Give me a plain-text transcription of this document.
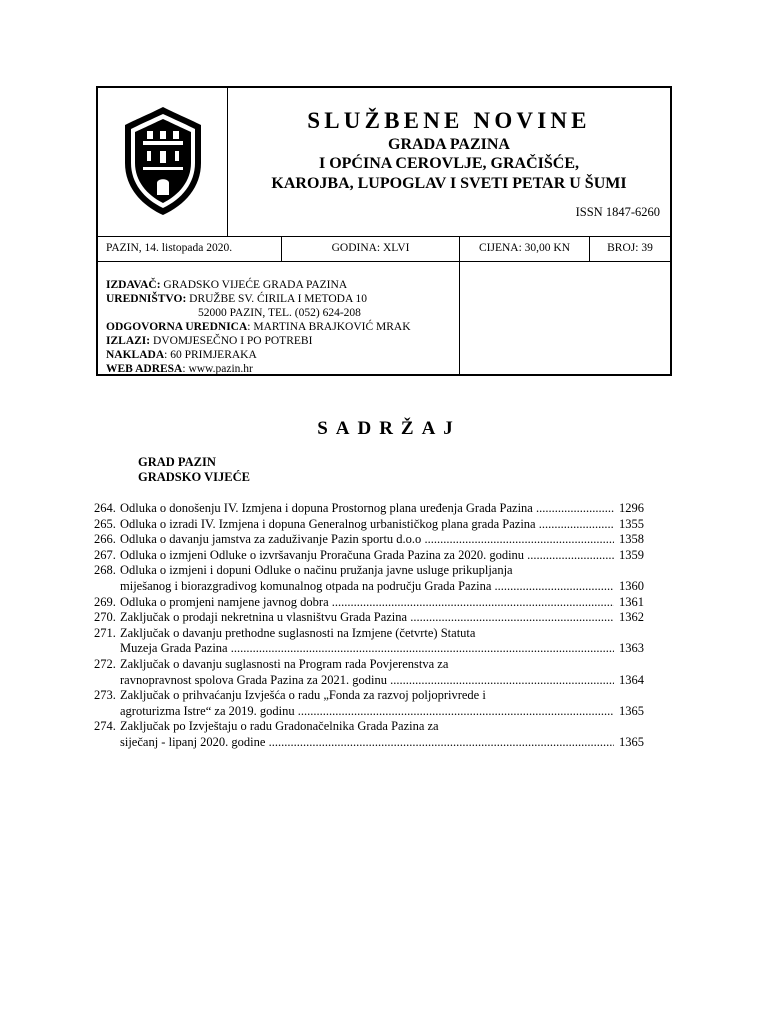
SLUŽBENE NOVINE
GRADA PAZINA
I OPĆINA CEROVLJE, GRAČIŠĆE,
KAROJBA, LUPOGLAV I SVETI PETAR U ŠUMI
ISSN 1847-6260
PAZIN, 14. listopada 2020.	GODINA: XLVI	CIJENA: 30,00 KN	BROJ: 39
IZDAVAČ: GRADSKO VIJEĆE GRADA PAZINA
UREDNIŠTVO: DRUŽBE SV. ĆIRILA I METODA 10
52000 PAZIN, TEL. (052) 624-208
ODGOVORNA UREDNICA: MARTINA BRAJKOVIĆ MRAK
IZLAZI: DVOMJESEČNO I PO POTREBI
NAKLADA: 60 PRIMJERAKA
WEB ADRESA: www.pazin.hr
SADRŽAJ
GRAD PAZIN
GRADSKO VIJEĆE
264. Odluka o donošenju IV. Izmjena i dopuna Prostornog plana uređenja Grada Pazina .....	1296
265. Odluka o izradi IV. Izmjena i dopuna Generalnog urbanističkog plana grada Pazina .....	1355
266. Odluka o davanju jamstva za zaduživanje Pazin sportu d.o.o .....	1358
267. Odluka o izmjeni Odluke o izvršavanju Proračuna Grada Pazina za 2020. godinu .....	1359
268. Odluka o izmjeni i dopuni Odluke o načinu pružanja javne usluge prikupljanja
miješanog i biorazgradivog komunalnog otpada na području Grada Pazina .....	1360
269. Odluka o promjeni namjene javnog dobra .....	1361
270. Zaključak o prodaji nekretnina u vlasništvu Grada Pazina .....	1362
271. Zaključak o davanju prethodne suglasnosti na Izmjene (četvrte) Statuta
Muzeja Grada Pazina .....	1363
272. Zaključak o davanju suglasnosti na Program rada Povjerenstva za
ravnopravnost spolova Grada Pazina za 2021. godinu .....	1364
273. Zaključak o prihvaćanju Izvješća o radu „Fonda za razvoj poljoprivrede i
agroturizma Istre“ za 2019. godinu .....	1365
274. Zaključak po Izvještaju o radu Gradonačelnika Grada Pazina za
siječanj - lipanj 2020. godine .....	1365
